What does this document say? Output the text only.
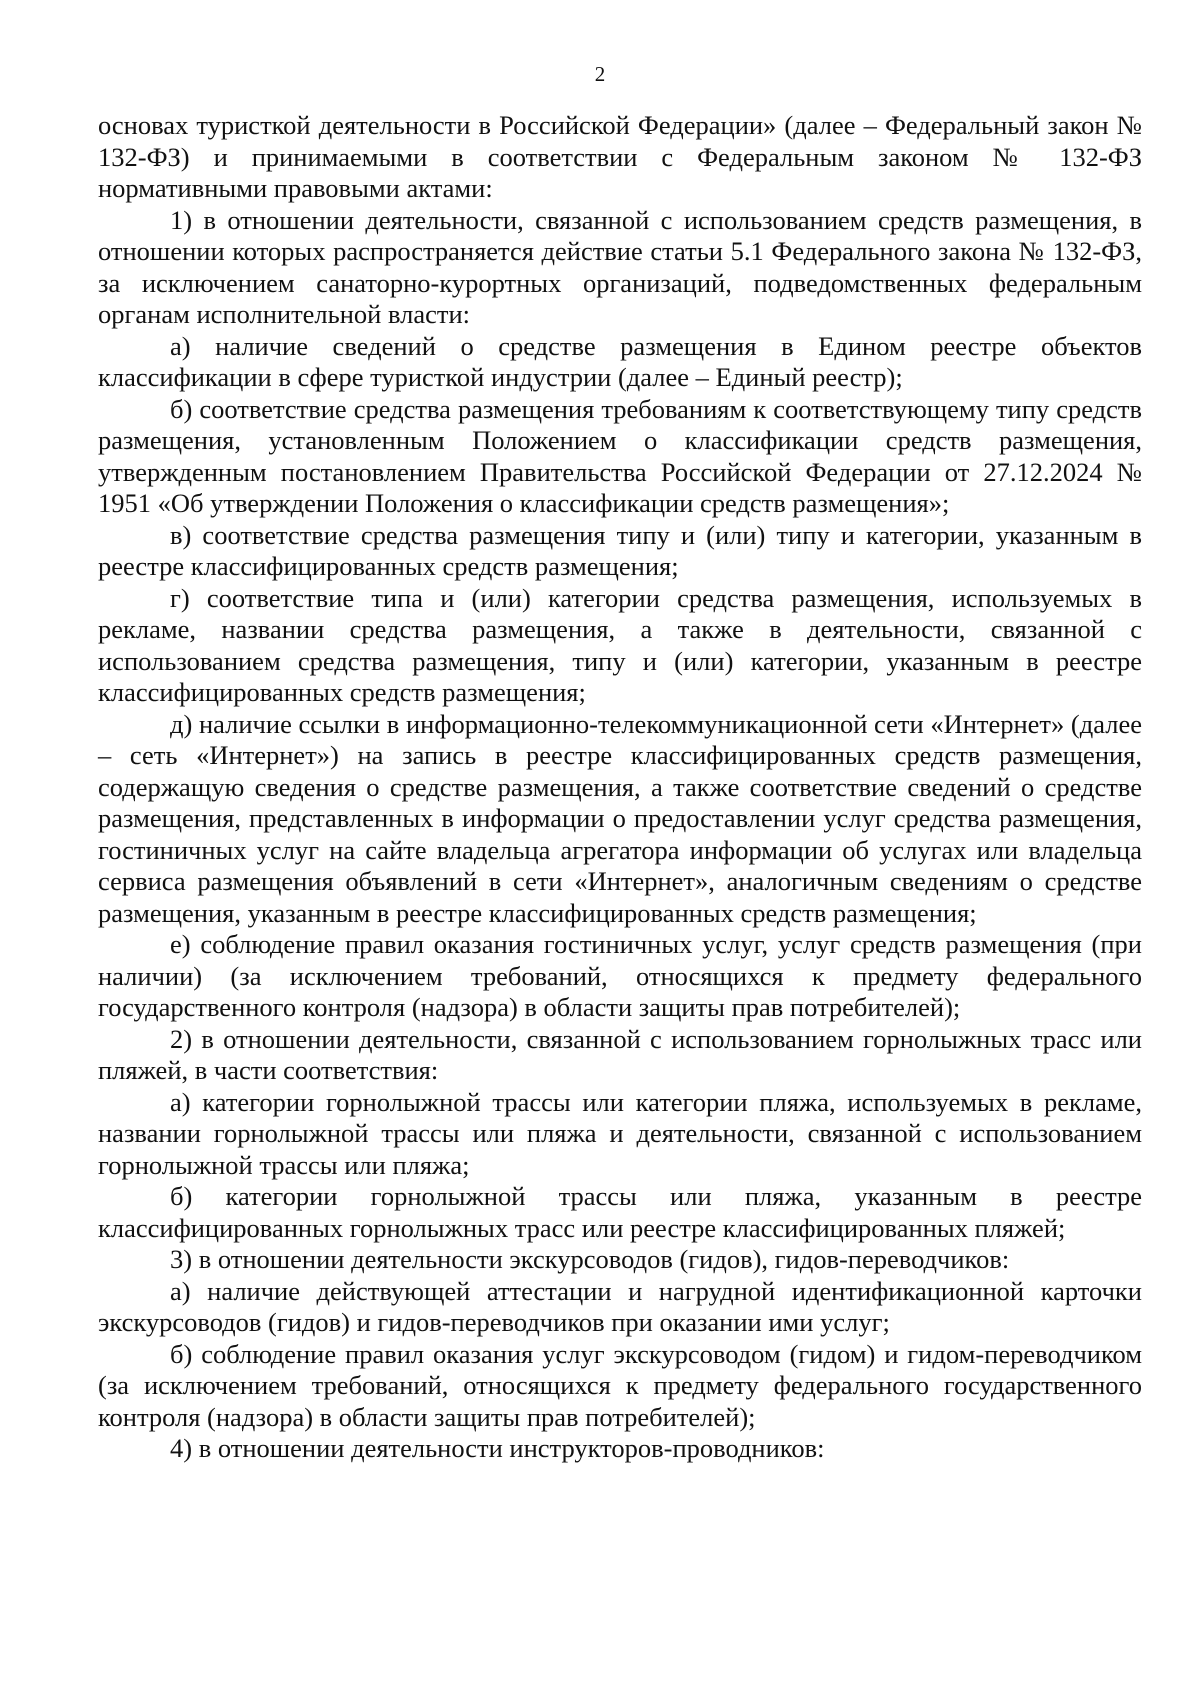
2

основах туристкой деятельности в Российской Федерации» (далее – Федеральный закон № 132-ФЗ) и принимаемыми в соответствии с Федеральным законом № 132-ФЗ нормативными правовыми актами:

1) в отношении деятельности, связанной с использованием средств размещения, в отношении которых распространяется действие статьи 5.1 Федерального закона № 132-ФЗ, за исключением санаторно-курортных организаций, подведомственных федеральным органам исполнительной власти:

а) наличие сведений о средстве размещения в Едином реестре объектов классификации в сфере туристкой индустрии (далее – Единый реестр);

б) соответствие средства размещения требованиям к соответствующему типу средств размещения, установленным Положением о классификации средств размещения, утвержденным постановлением Правительства Российской Федерации от 27.12.2024 № 1951 «Об утверждении Положения о классификации средств размещения»;

в) соответствие средства размещения типу и (или) типу и категории, указанным в реестре классифицированных средств размещения;

г) соответствие типа и (или) категории средства размещения, используемых в рекламе, названии средства размещения, а также в деятельности, связанной с использованием средства размещения, типу и (или) категории, указанным в реестре классифицированных средств размещения;

д) наличие ссылки в информационно-телекоммуникационной сети «Интернет» (далее – сеть «Интернет») на запись в реестре классифицированных средств размещения, содержащую сведения о средстве размещения, а также соответствие сведений о средстве размещения, представленных в информации о предоставлении услуг средства размещения, гостиничных услуг на сайте владельца агрегатора информации об услугах или владельца сервиса размещения объявлений в сети «Интернет», аналогичным сведениям о средстве размещения, указанным в реестре классифицированных средств размещения;

е) соблюдение правил оказания гостиничных услуг, услуг средств размещения (при наличии) (за исключением требований, относящихся к предмету федерального государственного контроля (надзора) в области защиты прав потребителей);

2) в отношении деятельности, связанной с использованием горнолыжных трасс или пляжей, в части соответствия:

а) категории горнолыжной трассы или категории пляжа, используемых в рекламе, названии горнолыжной трассы или пляжа и деятельности, связанной с использованием горнолыжной трассы или пляжа;

б) категории горнолыжной трассы или пляжа, указанным в реестре классифицированных горнолыжных трасс или реестре классифицированных пляжей;

3) в отношении деятельности экскурсоводов (гидов), гидов-переводчиков:

а) наличие действующей аттестации и нагрудной идентификационной карточки экскурсоводов (гидов) и гидов-переводчиков при оказании ими услуг;

б) соблюдение правил оказания услуг экскурсоводом (гидом) и гидом-переводчиком (за исключением требований, относящихся к предмету федерального государственного контроля (надзора) в области защиты прав потребителей);

4) в отношении деятельности инструкторов-проводников:
